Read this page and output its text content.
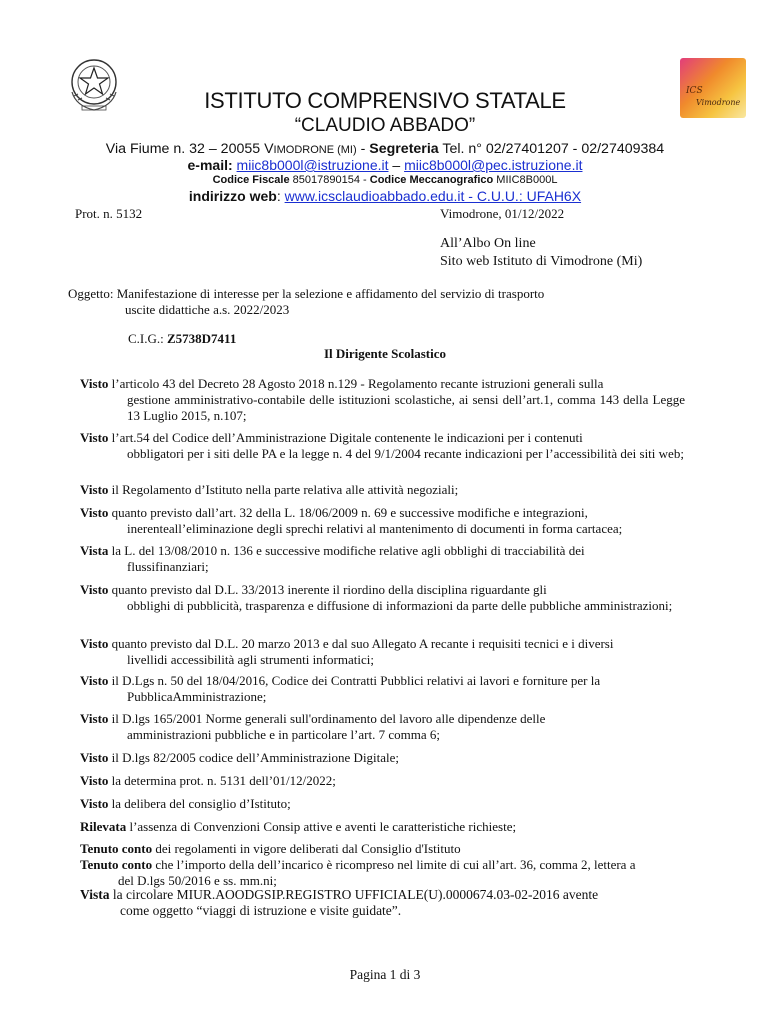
ICS
Vimodrone
ISTITUTO COMPRENSIVO STATALE
“CLAUDIO ABBADO”
Via Fiume n. 32 – 20055 VIMODRONE (MI) - Segreteria Tel. n° 02/27401207 - 02/27409384
e-mail: miic8b000l@istruzione.it – miic8b000l@pec.istruzione.it
Codice Fiscale 85017890154 - Codice Meccanografico MIIC8B000L
indirizzo web: www.icsclaudioabbado.edu.it - C.U.U.: UFAH6X
Prot. n. 5132	Vimodrone, 01/12/2022
All’Albo On line
Sito web Istituto di Vimodrone (Mi)
Oggetto: Manifestazione di interesse per la selezione e affidamento del servizio di trasporto
uscite didattiche a.s. 2022/2023
C.I.G.: Z5738D7411
Il Dirigente Scolastico
Visto l’articolo 43 del Decreto 28 Agosto 2018 n.129 - Regolamento recante istruzioni generali sulla
gestione amministrativo-contabile delle istituzioni scolastiche, ai sensi dell’art.1, comma 143 della Legge 13 Luglio 2015, n.107;
Visto l’art.54 del Codice dell’Amministrazione Digitale contenente le indicazioni per i contenuti
obbligatori per i siti delle PA e la legge n. 4 del 9/1/2004 recante indicazioni per l’accessibilità dei siti web;
Visto il Regolamento d’Istituto nella parte relativa alle attività negoziali;
Visto quanto previsto dall’art. 32 della L. 18/06/2009 n. 69 e successive modifiche e integrazioni,
inerenteall’eliminazione degli sprechi relativi al mantenimento di documenti in forma cartacea;
Vista la L. del 13/08/2010 n. 136 e successive modifiche relative agli obblighi di tracciabilità dei
flussifinanziari;
Visto quanto previsto dal D.L. 33/2013 inerente il riordino della disciplina riguardante gli
obblighi di pubblicità, trasparenza e diffusione di informazioni da parte delle pubbliche amministrazioni;
Visto quanto previsto dal D.L. 20 marzo 2013 e dal suo Allegato A recante i requisiti tecnici e i diversi
livellidi accessibilità agli strumenti informatici;
Visto il D.Lgs n. 50 del 18/04/2016, Codice dei Contratti Pubblici relativi ai lavori e forniture per la
PubblicaAmministrazione;
Visto il D.lgs 165/2001 Norme generali sull'ordinamento del lavoro alle dipendenze delle
amministrazioni pubbliche e in particolare l’art. 7 comma 6;
Visto il D.lgs 82/2005 codice dell’Amministrazione Digitale;
Visto la determina prot. n. 5131 dell’01/12/2022;
Visto la delibera del consiglio d’Istituto;
Rilevata l’assenza di Convenzioni Consip attive e aventi le caratteristiche richieste;
Tenuto conto dei regolamenti in vigore deliberati dal Consiglio d'Istituto
Tenuto conto che l’importo della dell’incarico è ricompreso nel limite di cui all’art. 36, comma 2, lettera a
del D.lgs 50/2016 e ss. mm.ni;
Vista la circolare MIUR.AOODGSIP.REGISTRO UFFICIALE(U).0000674.03-02-2016 avente
come oggetto “viaggi di istruzione e visite guidate”.
Pagina 1 di 3
